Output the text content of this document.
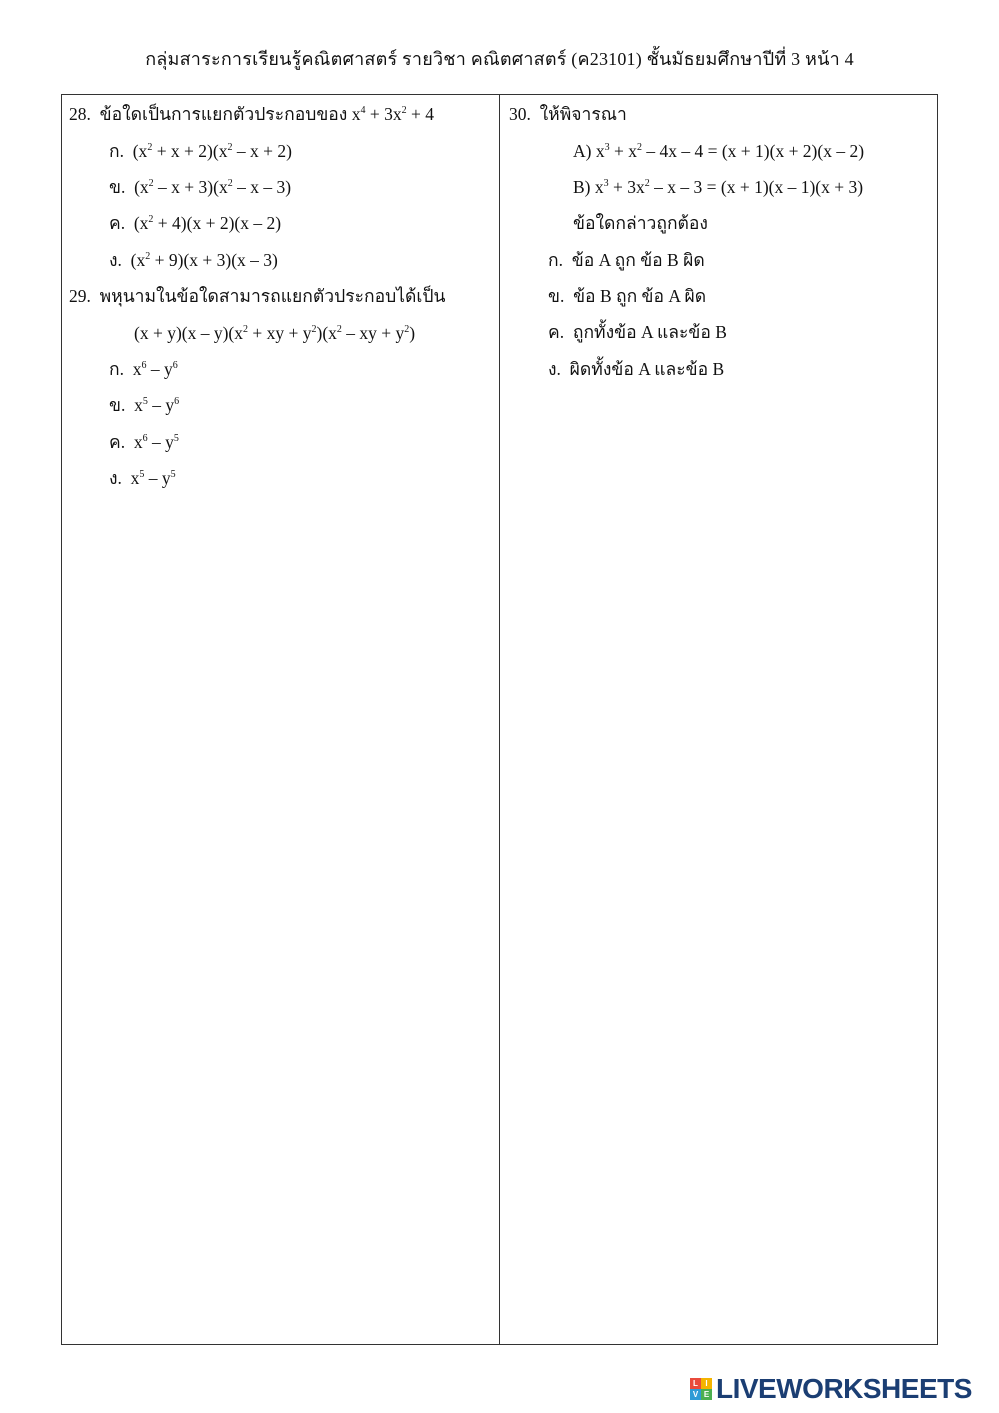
กลุ่มสาระการเรียนรู้คณิตศาสตร์ รายวิชา คณิตศาสตร์ (ค23101) ชั้นมัธยมศึกษาปีที่ 3 หน้า 4
28. ข้อใดเป็นการแยกตัวประกอบของ $x^4 + 3x^2 + 4$
ก. $(x^2 + x + 2)(x^2 - x + 2)$
ข. $(x^2 - x + 3)(x^2 - x - 3)$
ค. $(x^2 + 4)(x + 2)(x - 2)$
ง. $(x^2 + 9)(x + 3)(x - 3)$
29. พหุนามในข้อใดสามารถแยกตัวประกอบได้เป็น
$(x + y)(x - y)(x^2$ + xy + $y^2)(x^2$ – xy + $y^2$)
ก. $x^6 - y^6$
ข. $x^5 - y^6$
ค. $x^6 - y^5$
ง. $x^5 - y^5$
30. ให้พิจารณา
A) $x^3 + x^2 - 4x - 4 = (x + 1)(x + 2)(x - 2)$
B) $x^3 + 3x^2 - x - 3 = (x + 1)(x - 1)(x + 3)$
ข้อใดกล่าวถูกต้อง
ก. ข้อ A ถูก ข้อ B ผิด
ข. ข้อ B ถูก ข้อ A ผิด
ค. ถูกทั้งข้อ A และข้อ B
ง. ผิดทั้งข้อ A และข้อ B
L I
V E LIVEWORKSHEETS
